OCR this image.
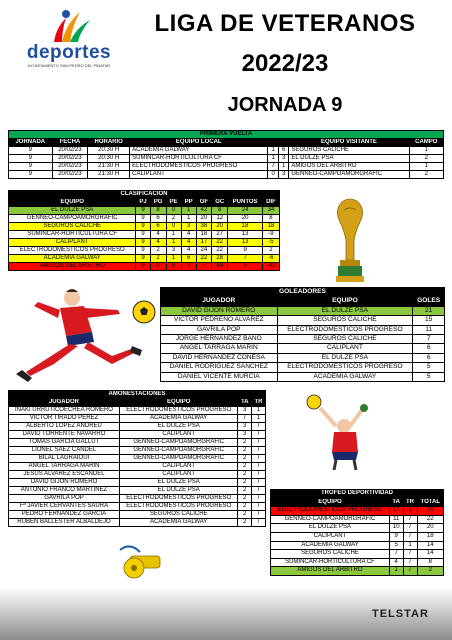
deportes
AYUNTAMIENTO SAN PEDRO DEL PINATAR
LIGA DE VETERANOS
2022/23
JORNADA 9
PRIMERA VUELTA							
JORNADA	FECHA	HORARIO	EQUIPO LOCAL			EQUIPO VISITANTE	CAMPO
9	20/02/23	20:30 H	ACADEMIA GALWAY	1	6	SEGUROS CALICHE	1
9	20/02/23	20:30 H	SUMINCAR-HORTICULTURA CF	1	3	EL DULZE PSA	2
9	20/02/23	21:30 H	ELECTRODOMESTICOS PROGRESO	7	1	AMIGOS DEL ARBITRO	1
9	20/02/23	21:30 H	CALIPLANT	0	3	GENNEO-CAMPOAMORGRAFIC	2
CLASIFICACION								
EQUIPO	PJ	PG	PE	PP	GF	GC	PUNTOS	DIF
EL DULZE PSA	9	8	0	1	42	8	24	34
GENNEO-CAMPOAMORGRAFIC	9	6	2	1	20	12	20	8
SEGUROS CALICHE	9	6	0	3	38	20	18	18
SUMINCAR-HORTICULTURA CF	9	4	1	4	18	27	13	-9
CALIPLANT	9	4	1	4	17	22	13	-5
ELECTRODOMESTICOS PROGRESO	9	2	3	4	24	22	9	2
ACADEMIA GALWAY	9	2	1	6	22	28	7	-6
AMIGOS DEL ARBITRO	9	0	0	9	7	49	0	-42
GOLEADORES		
JUGADOR	EQUIPO	GOLES
DAVID GIJON ROMERO	EL DULZE PSA	21
VICTOR PEDREÑO ALVAREZ	SEGUROS CALICHE	15
GAVRILA POP	ELECTRODOMESTICOS PROGRESO	11
JORGE HERNANDEZ BAÑO	SEGUROS CALICHE	7
ANGEL TARRAGA MARIN	CALIPLANT	6
DAVID HERNANDEZ CONESA	EL DULZE PSA	6
DANIEL RODRIGUEZ SANCHEZ	ELECTRODOMESTICOS PROGRESO	5
DANIEL VICENTE MURCIA	ACADEMIA GALWAY	5
AMONESTACIONES			
JUGADOR	EQUIPO	TA	TR
IÑAKI URRUTICOECHEA ROMERO	ELECTRODOMESTICOS PROGRESO	3	1
VICTOR TIRADO PEREZ	ACADEMIA GALWAY	/	1
ALBERTO LOPEZ ANDREU	EL DULZE PSA	3	/
DAVID TORRENTE NAVARRO	CALIPLANT	3	/
TOMAS GARCIA GALLUT	GENNEO-CAMPOAMORGRAFIC	2	/
LIONEL SAEZ CANDEL	GENNEO-CAMPOAMORGRAFIC	2	/
BILAL LAGRAIOUI	GENNEO-CAMPOAMORGRAFIC	2	/
ANGEL TARRAGA MARIN	CALIPLANT	2	/
JESUS ALVAREZ ESCANDEL	CALIPLANT	2	/
DAVID GIJON ROMERO	EL DULZE PSA	2	/
ANTONIO FRANCO MARTINEZ	EL DULZE PSA	2	/
GAVRILA POP	ELECTRODOMESTICOS PROGRESO	2	/
Fª JAVIER CERVANTES SAURA	ELECTRODOMESTICOS PROGRESO	2	/
PEDRO FERNANDEZ GARCIA	SEGUROS CALICHE	2	/
RUBEN BALLESTER ALBALDEJO	ACADEMIA GALWAY	2	/
TROFEO DEPORTIVIDAD			
EQUIPO	TA	TR	TOTAL
ELECTRODOMESTICOS PROGRESO	17	1	20
GENNEO-CAMPOAMORGRAFIC	11	/	22
EL DULZE PSA	10	/	20
CALIPLANT	9	/	18
ACADEMIA GALWAY	5	1	14
SEGUROS CALICHE	7	/	14
SUMINCAR-HORTICULTURA CF	4	/	8
AMIGOS DEL ARBITRO	1	/	2
TELSTAR
